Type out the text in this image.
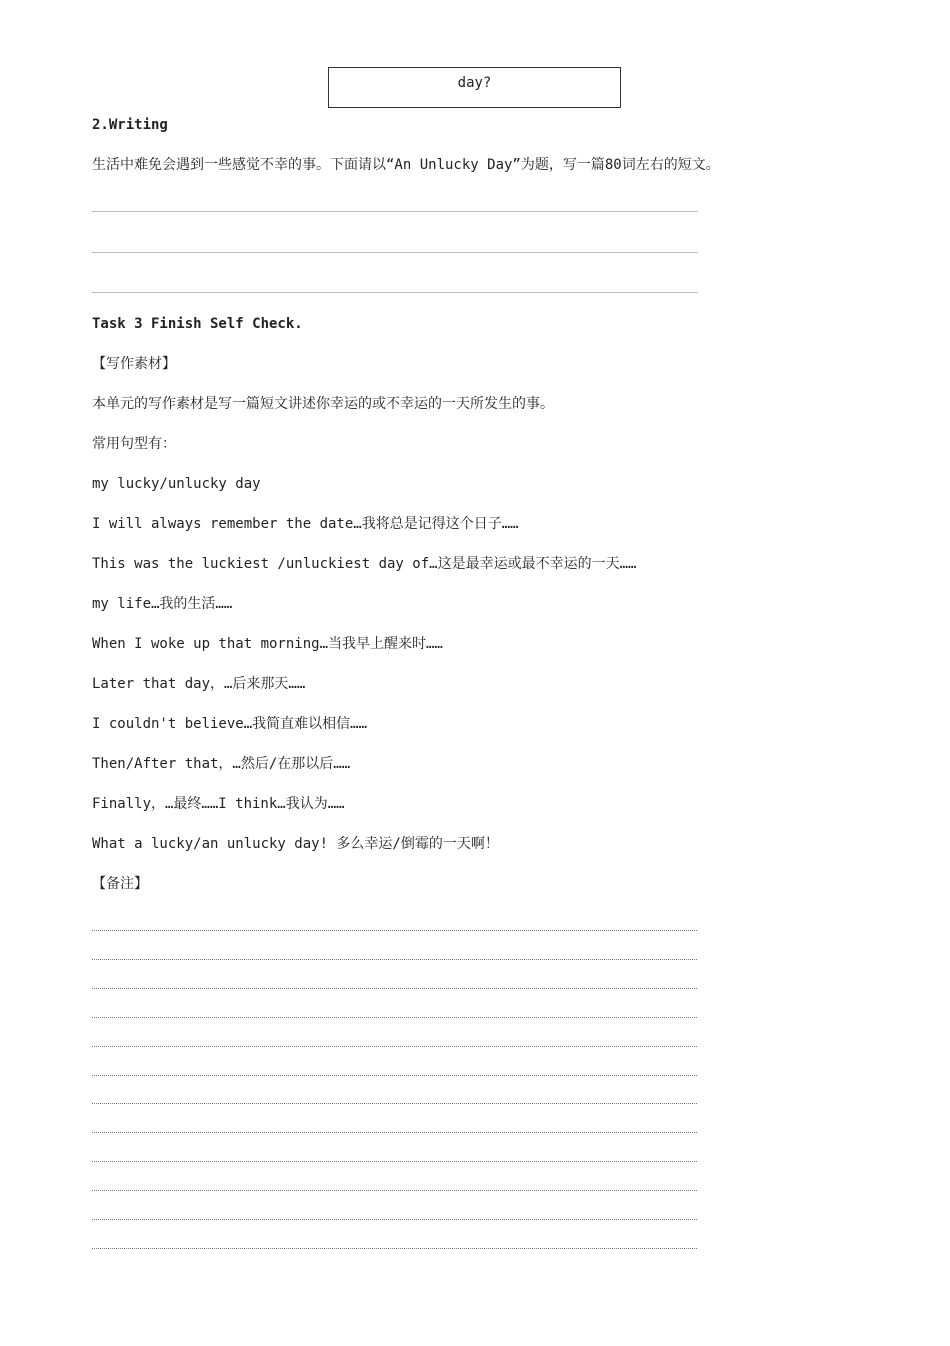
day?
2.Writing
生活中难免会遇到一些感觉不幸的事。下面请以“An Unlucky Day”为题，写一篇80词左右的短文。
Task 3 Finish Self Check.
【写作素材】
本单元的写作素材是写一篇短文讲述你幸运的或不幸运的一天所发生的事。
常用句型有：
my lucky/unlucky day
I will always remember the date…我将总是记得这个日子……
This was the luckiest /unluckiest day of…这是最幸运或最不幸运的一天……
my life…我的生活……
When I woke up that morning…当我早上醒来时……
Later that day，…后来那天……
I couldn't believe…我简直难以相信……
Then/After that，…然后/在那以后……
Finally，…最终……I think…我认为……
What a lucky/an unlucky day! 多么幸运/倒霉的一天啊！
【备注】
